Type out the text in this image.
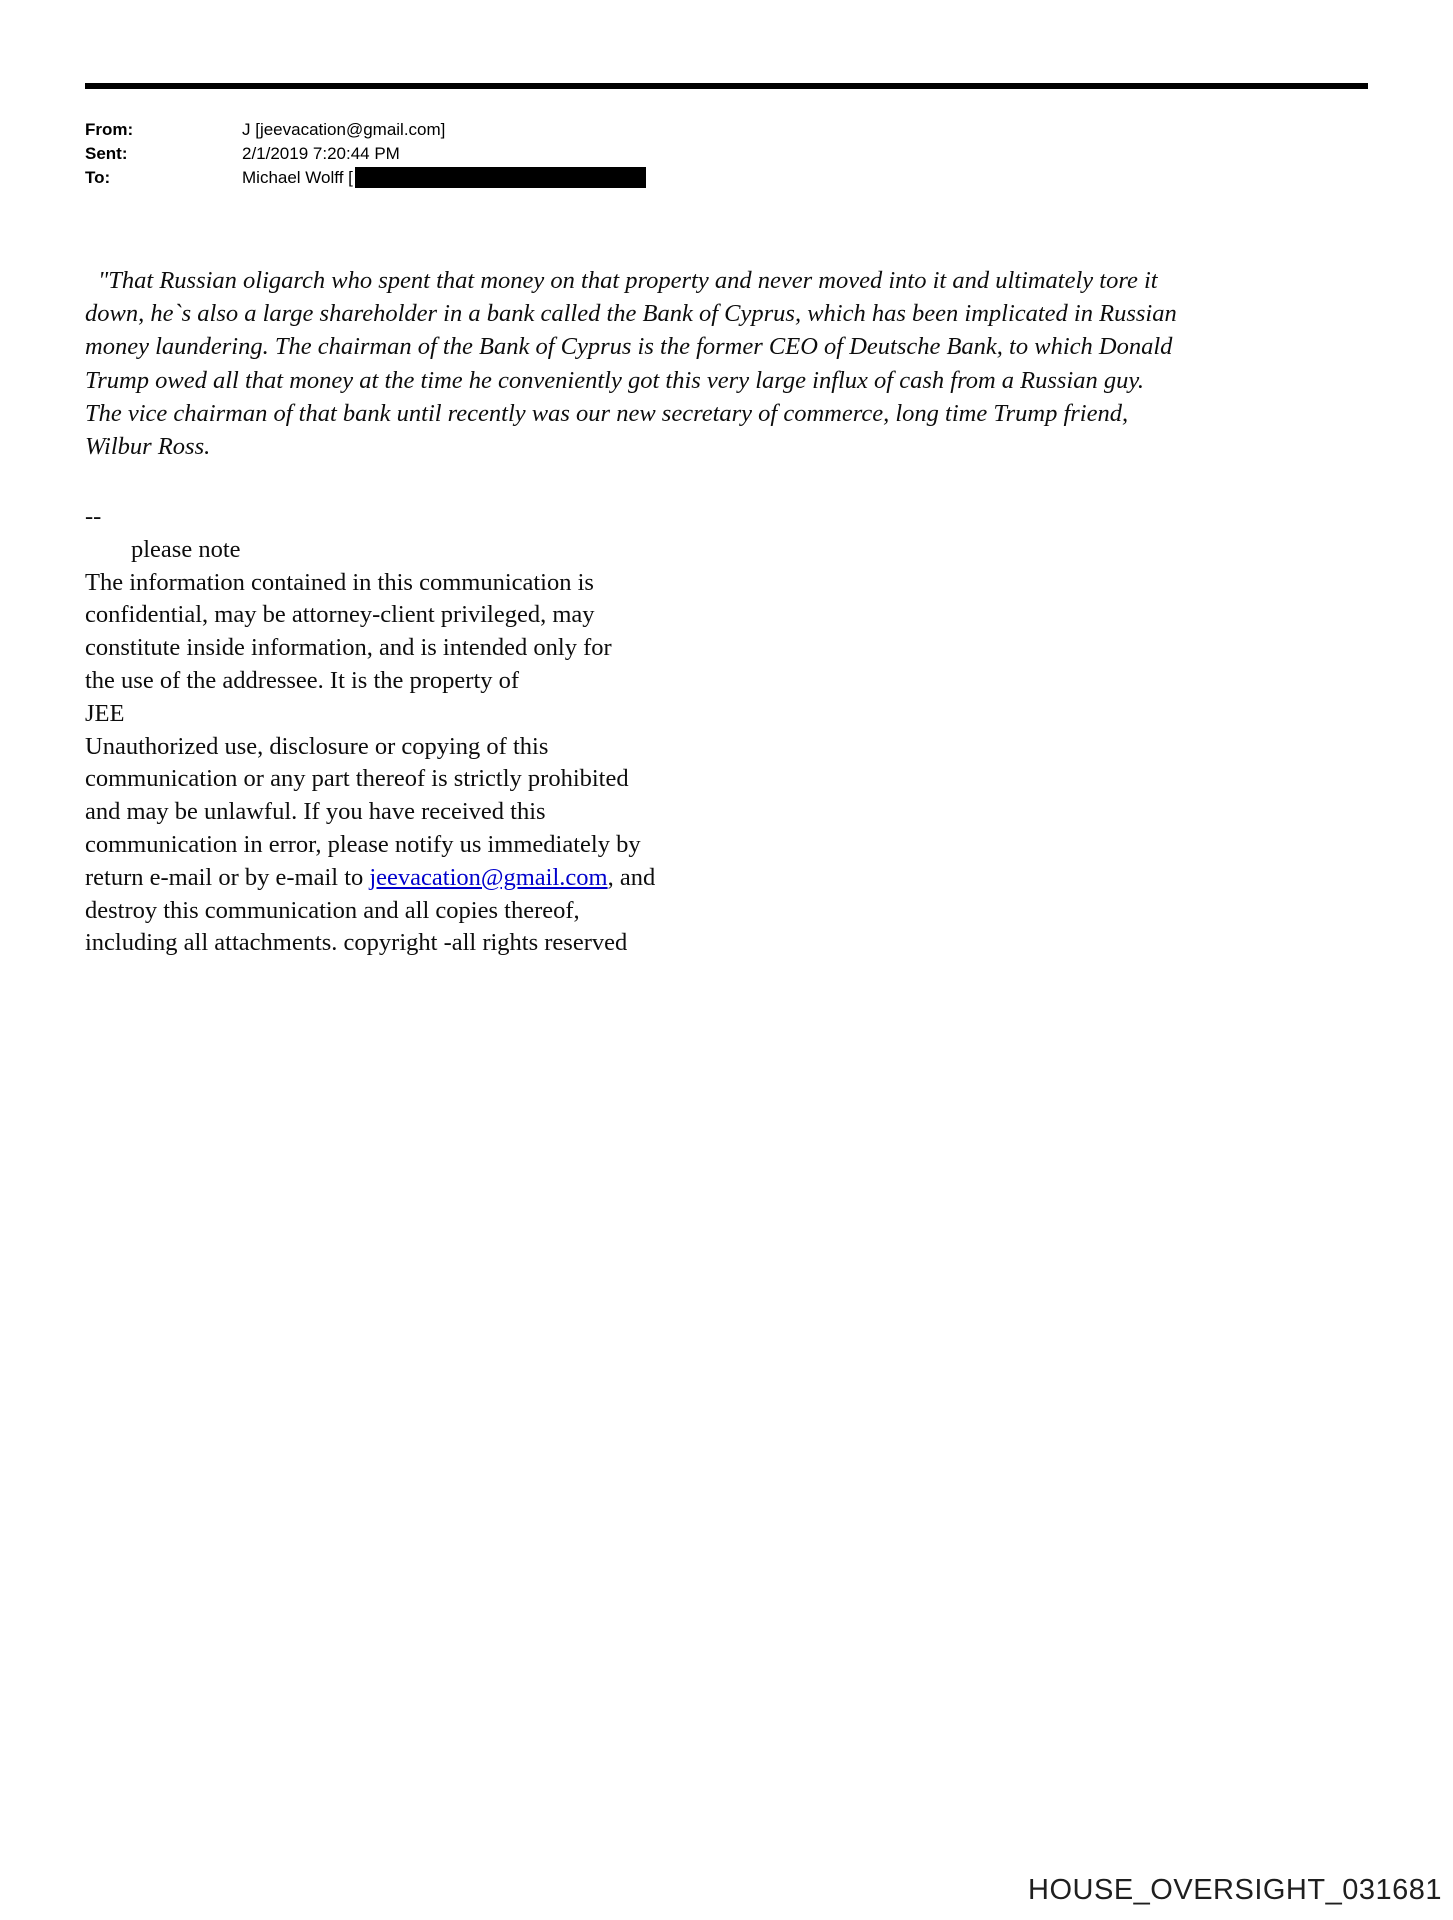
From:	J [jeevacation@gmail.com]
Sent:	2/1/2019 7:20:44 PM
To:	Michael Wolff [
"That Russian oligarch who spent that money on that property and never moved into it and ultimately tore it
down, he`s also a large shareholder in a bank called the Bank of Cyprus, which has been implicated in Russian
money laundering. The chairman of the Bank of Cyprus is the former CEO of Deutsche Bank, to which Donald
Trump owed all that money at the time he conveniently got this very large influx of cash from a Russian guy.
The vice chairman of that bank until recently was our new secretary of commerce, long time Trump friend,
Wilbur Ross.
--
please note
The information contained in this communication is
confidential, may be attorney-client privileged, may
constitute inside information, and is intended only for
the use of the addressee. It is the property of
JEE
Unauthorized use, disclosure or copying of this
communication or any part thereof is strictly prohibited
and may be unlawful. If you have received this
communication in error, please notify us immediately by
return e-mail or by e-mail to jeevacation@gmail.com, and
destroy this communication and all copies thereof,
including all attachments. copyright -all rights reserved
HOUSE_OVERSIGHT_031681
